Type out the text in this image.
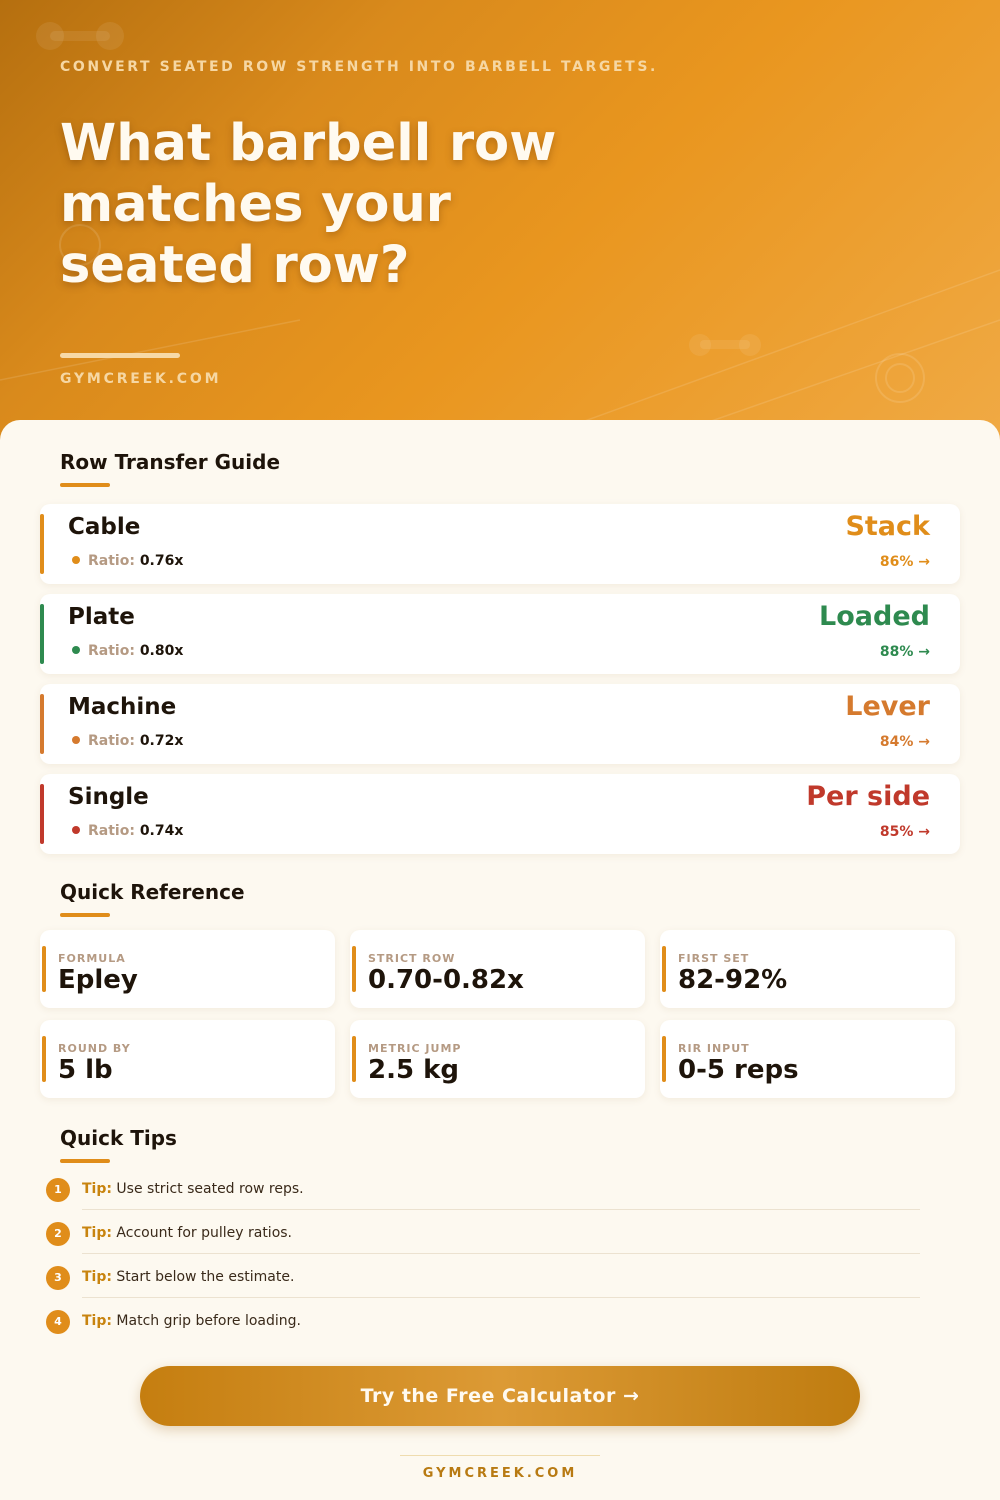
CONVERT SEATED ROW STRENGTH INTO BARBELL TARGETS.
What barbell row
matches your
seated row?
GYMCREEK.COM
Row Transfer Guide
Cable
Ratio: 0.76x
Stack
86% →
Plate
Ratio: 0.80x
Loaded
88% →
Machine
Ratio: 0.72x
Lever
84% →
Single
Ratio: 0.74x
Per side
85% →
Quick Reference
FORMULA
Epley
STRICT ROW
0.70-0.82x
FIRST SET
82-92%
ROUND BY
5 lb
METRIC JUMP
2.5 kg
RIR INPUT
0-5 reps
Quick Tips
1	Tip: Use strict seated row reps.
2	Tip: Account for pulley ratios.
3	Tip: Start below the estimate.
4	Tip: Match grip before loading.
Try the Free Calculator →
GYMCREEK.COM
